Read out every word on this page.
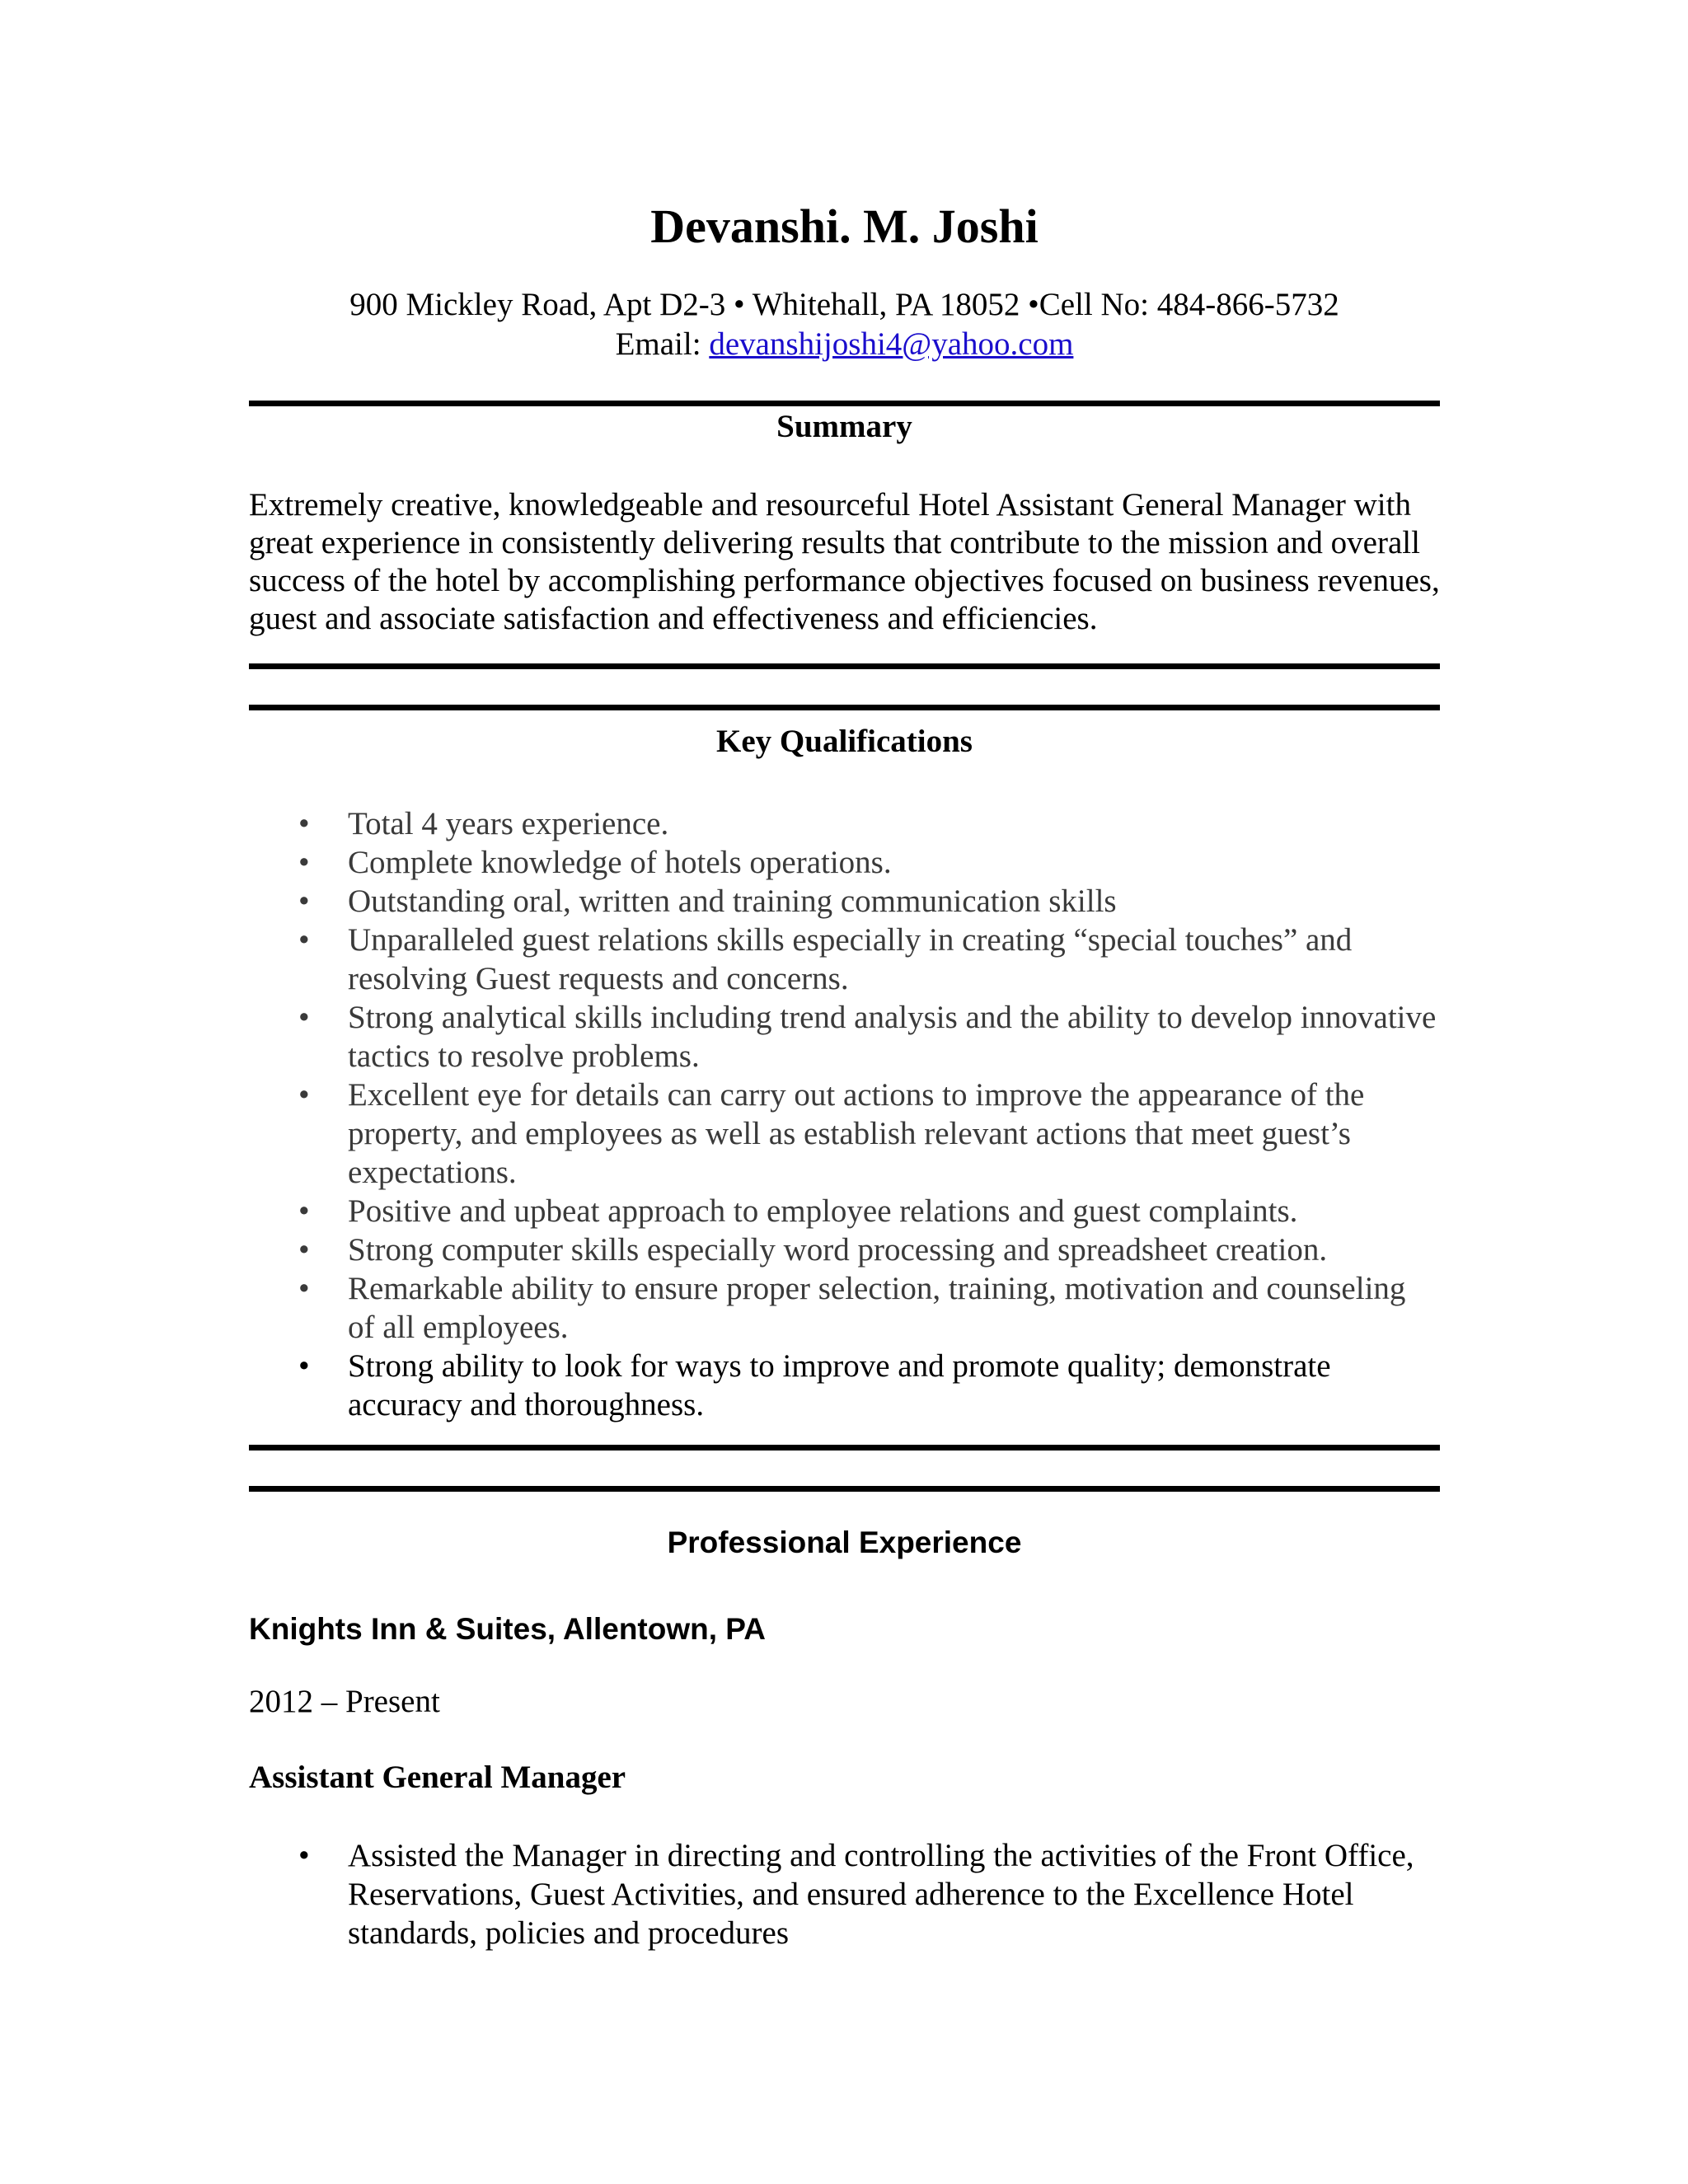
Devanshi. M. Joshi
900 Mickley Road, Apt D2-3 • Whitehall, PA 18052 •Cell No: 484-866-5732
Email: devanshijoshi4@yahoo.com
Summary
Extremely creative, knowledgeable and resourceful Hotel Assistant General Manager with great experience in consistently delivering results that contribute to the mission and overall success of the hotel by accomplishing performance objectives focused on business revenues, guest and associate satisfaction and effectiveness and efficiencies.
Key Qualifications
• Total 4 years experience.
• Complete knowledge of hotels operations.
• Outstanding oral, written and training communication skills
• Unparalleled guest relations skills especially in creating “special touches” and resolving Guest requests and concerns.
• Strong analytical skills including trend analysis and the ability to develop innovative tactics to resolve problems.
• Excellent eye for details can carry out actions to improve the appearance of the property, and employees as well as establish relevant actions that meet guest’s expectations.
• Positive and upbeat approach to employee relations and guest complaints.
• Strong computer skills especially word processing and spreadsheet creation.
• Remarkable ability to ensure proper selection, training, motivation and counseling of all employees.
• Strong ability to look for ways to improve and promote quality; demonstrate accuracy and thoroughness.
Professional Experience
Knights Inn & Suites, Allentown, PA
2012 – Present
Assistant General Manager
• Assisted the Manager in directing and controlling the activities of the Front Office, Reservations, Guest Activities, and ensured adherence to the Excellence Hotel standards, policies and procedures
